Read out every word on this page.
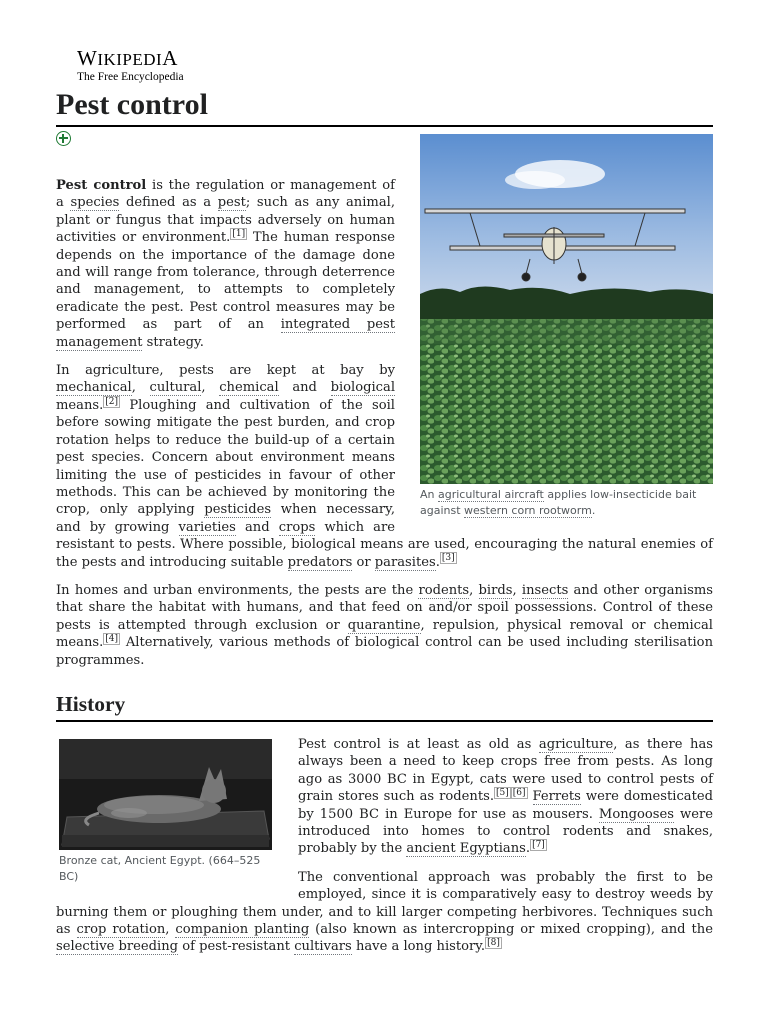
WIKIPEDIA
The Free Encyclopedia
Pest control
An agricultural aircraft applies low-insecticide bait against western corn rootworm.

Pest control is the regulation or management of a species defined as a pest; such as any animal, plant or fungus that impacts adversely on human activities or environment. [1] The human response depends on the importance of the damage done and will range from tolerance, through deterrence and management, to attempts to completely eradicate the pest. Pest control measures may be performed as part of an integrated pest management strategy.

In agriculture, pests are kept at bay by mechanical, cultural, chemical and biological means. [2] Ploughing and cultivation of the soil before sowing mitigate the pest burden, and crop rotation helps to reduce the build-up of a certain pest species. Concern about environment means limiting the use of pesticides in favour of other methods. This can be achieved by monitoring the crop, only applying pesticides when necessary, and by growing varieties and crops which are resistant to pests. Where possible, biological means are used, encouraging the natural enemies of the pests and introducing suitable predators or parasites. [3]

In homes and urban environments, the pests are the rodents, birds, insects and other organisms that share the habitat with humans, and that feed on and/or spoil possessions. Control of these pests is attempted through exclusion or quarantine, repulsion, physical removal or chemical means. [4] Alternatively, various methods of biological control can be used including sterilisation programmes.

History
Bronze cat, Ancient Egypt. (664–525 BC)

Pest control is at least as old as agriculture, as there has always been a need to keep crops free from pests. As long ago as 3000 BC in Egypt, cats were used to control pests of grain stores such as rodents. [5] [6] Ferrets were domesticated by 1500 BC in Europe for use as mousers. Mongooses were introduced into homes to control rodents and snakes, probably by the ancient Egyptians. [7]

The conventional approach was probably the first to be employed, since it is comparatively easy to destroy weeds by burning them or ploughing them under, and to kill larger competing herbivores. Techniques such as crop rotation, companion planting (also known as intercropping or mixed cropping), and the selective breeding of pest-resistant cultivars have a long history. [8]
